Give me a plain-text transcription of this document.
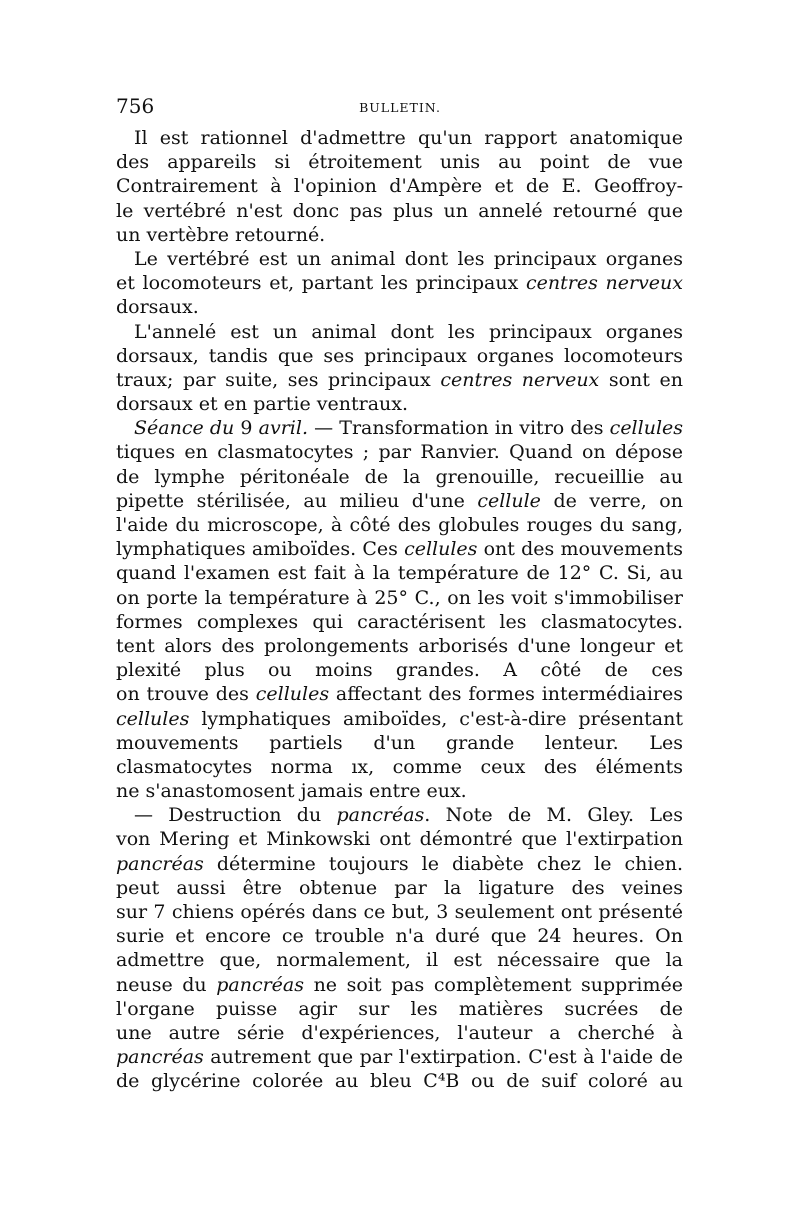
756	BULLETIN.
Il est rationnel d'admettre qu'un rapport anatomique
des appareils si étroitement unis au point de vue
Contrairement à l'opinion d'Ampère et de E. Geoffroy-
le vertébré n'est donc pas plus un annelé retourné que
un vertèbre retourné.
Le vertébré est un animal dont les principaux organes
et locomoteurs et, partant les principaux centres nerveux
dorsaux.
L'annelé est un animal dont les principaux organes
dorsaux, tandis que ses principaux organes locomoteurs
traux; par suite, ses principaux centres nerveux sont en
dorsaux et en partie ventraux.
Séance du 9 avril. — Transformation in vitro des cellules
tiques en clasmatocytes ; par Ranvier. Quand on dépose
de lymphe péritonéale de la grenouille, recueillie au
pipette stérilisée, au milieu d'une cellule de verre, on
l'aide du microscope, à côté des globules rouges du sang,
lymphatiques amiboïdes. Ces cellules ont des mouvements
quand l'examen est fait à la température de 12° C. Si, au
on porte la température à 25° C., on les voit s'immobiliser
formes complexes qui caractérisent les clasmatocytes.
tent alors des prolongements arborisés d'une longeur et
plexité plus ou moins grandes. A côté de ces
on trouve des cellules affectant des formes intermédiaires
cellules lymphatiques amiboïdes, c'est-à-dire présentant
mouvements partiels d'un grande lenteur. Les
clasmatocytes norma ıx, comme ceux des éléments
ne s'anastomosent jamais entre eux.
— Destruction du pancréas. Note de M. Gley. Les
von Mering et Minkowski ont démontré que l'extirpation
pancréas détermine toujours le diabète chez le chien.
peut aussi être obtenue par la ligature des veines
sur 7 chiens opérés dans ce but, 3 seulement ont présenté
surie et encore ce trouble n'a duré que 24 heures. On
admettre que, normalement, il est nécessaire que la
neuse du pancréas ne soit pas complètement supprimée
l'organe puisse agir sur les matières sucrées de
une autre série d'expériences, l'auteur a cherché à
pancréas autrement que par l'extirpation. C'est à l'aide de
de glycérine colorée au bleu C⁴B ou de suif coloré au
